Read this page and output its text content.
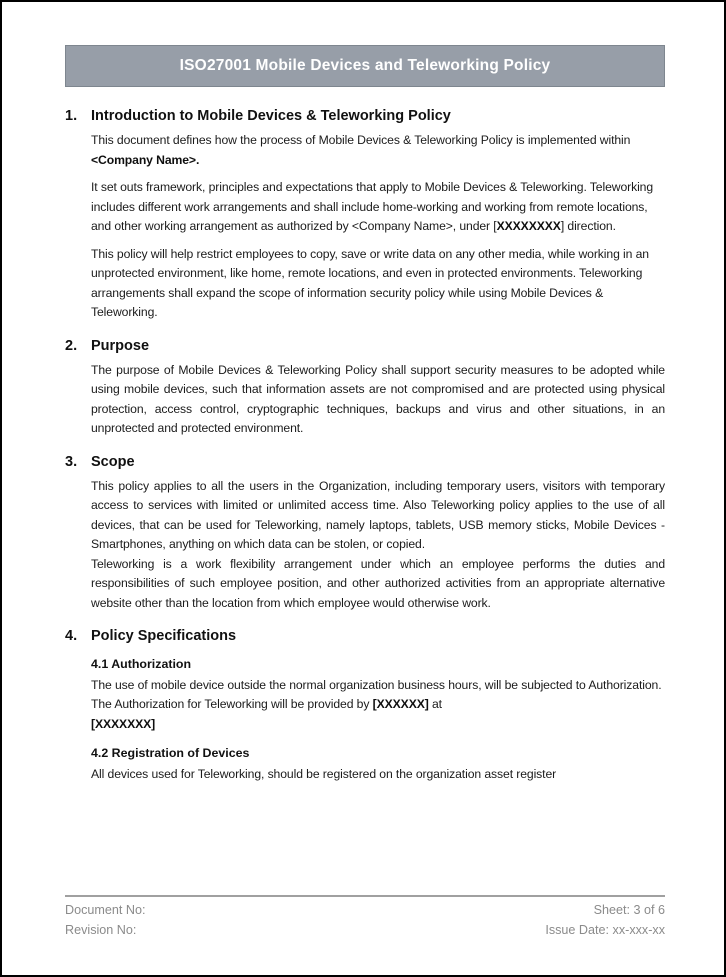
ISO27001 Mobile Devices and Teleworking Policy
1. Introduction to Mobile Devices & Teleworking Policy

This document defines how the process of Mobile Devices & Teleworking Policy is implemented within <Company Name>.

It set outs framework, principles and expectations that apply to Mobile Devices & Teleworking. Teleworking includes different work arrangements and shall include home-working and working from remote locations, and other working arrangement as authorized by <Company Name>, under [XXXXXXXX] direction.

This policy will help restrict employees to copy, save or write data on any other media, while working in an unprotected environment, like home, remote locations, and even in protected environments. Teleworking arrangements shall expand the scope of information security policy while using Mobile Devices & Teleworking.

2. Purpose

The purpose of Mobile Devices & Teleworking Policy shall support security measures to be adopted while using mobile devices, such that information assets are not compromised and are protected using physical protection, access control, cryptographic techniques, backups and virus and other situations, in an unprotected and protected environment.

3. Scope

This policy applies to all the users in the Organization, including temporary users, visitors with temporary access to services with limited or unlimited access time. Also Teleworking policy applies to the use of all devices, that can be used for Teleworking, namely laptops, tablets, USB memory sticks, Mobile Devices - Smartphones, anything on which data can be stolen, or copied.

Teleworking is a work flexibility arrangement under which an employee performs the duties and responsibilities of such employee position, and other authorized activities from an appropriate alternative website other than the location from which employee would otherwise work.

4. Policy Specifications
4.1 Authorization

The use of mobile device outside the normal organization business hours, will be subjected to Authorization. The Authorization for Teleworking will be provided by [XXXXXX] at
[XXXXXXX]

4.2 Registration of Devices

All devices used for Teleworking, should be registered on the organization asset register

Document No:
Revision No:
Sheet: 3 of 6
Issue Date: xx-xxx-xx
